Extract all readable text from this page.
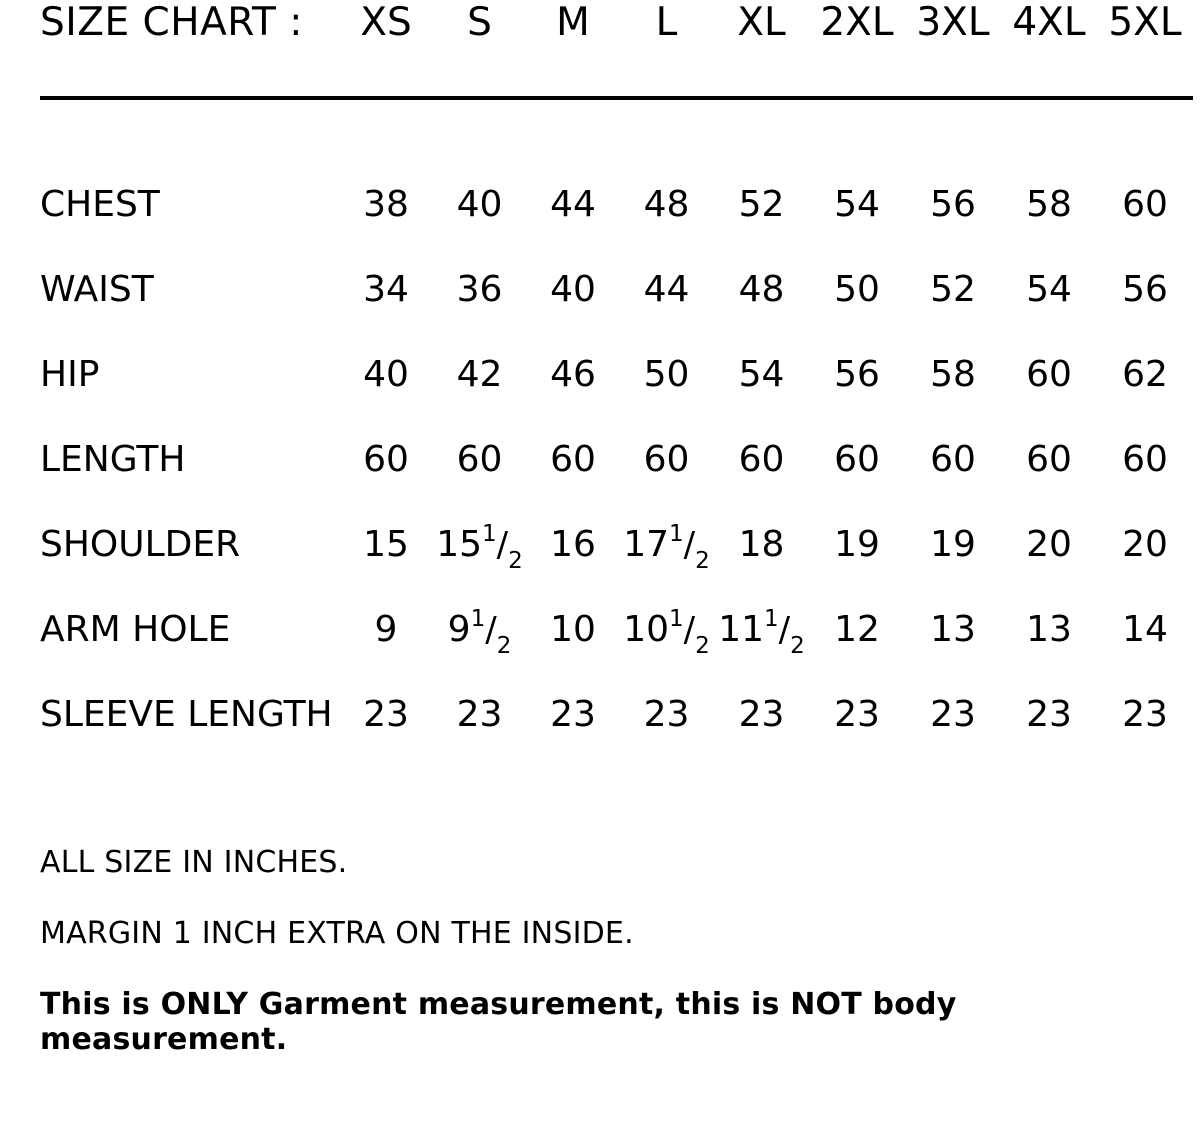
SIZE CHART :	XS	S	M	L	XL	2XL	3XL	4XL	5XL

CHEST	38	40	44	48	52	54	56	58	60
WAIST	34	36	40	44	48	50	52	54	56
HIP	40	42	46	50	54	56	58	60	62
LENGTH	60	60	60	60	60	60	60	60	60
SHOULDER	15	$15^1/_2$	16	$17^1/_2$	18	19	19	20	20
ARM HOLE	9	$9^1/_2$	10	$10^1/_2$	$11^1/_2$	12	13	13	14
SLEEVE LENGTH	23	23	23	23	23	23	23	23	23
ALL SIZE IN INCHES.
MARGIN 1 INCH EXTRA ON THE INSIDE.
This is ONLY Garment measurement, this is NOT body measurement.
